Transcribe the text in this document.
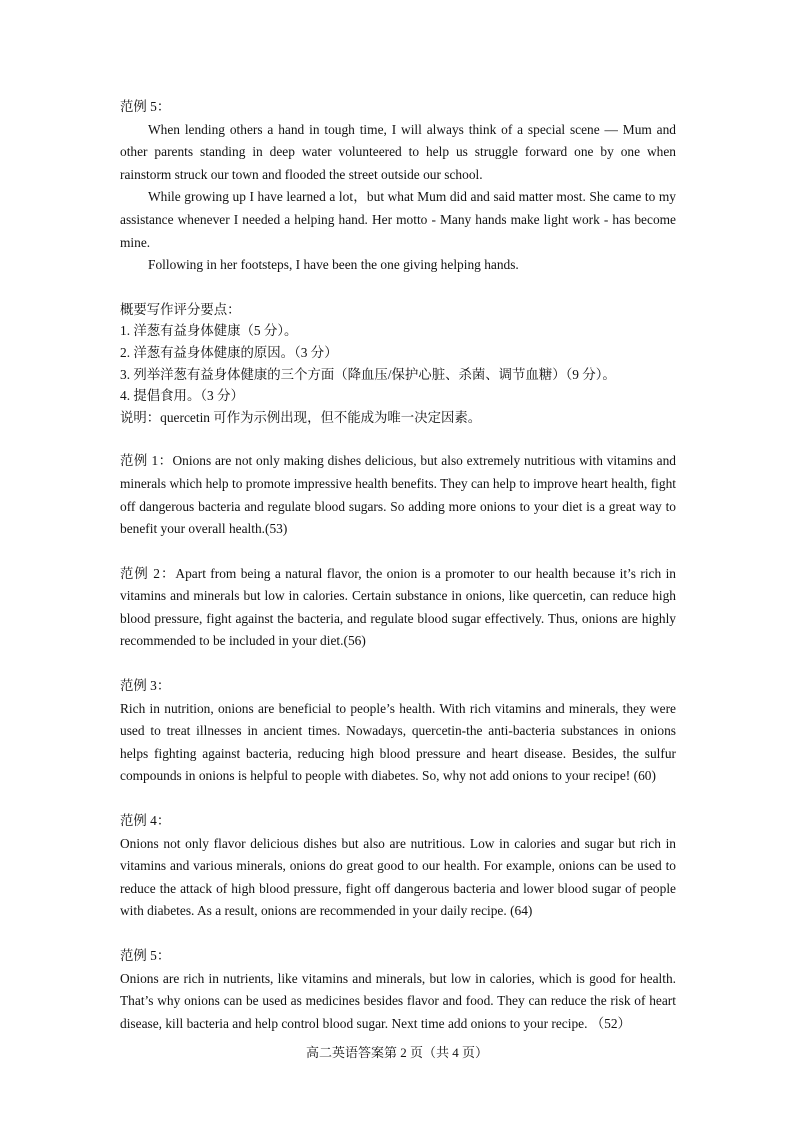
范例 5：

When lending others a hand in tough time, I will always think of a special scene — Mum and other parents standing in deep water volunteered to help us struggle forward one by one when rainstorm struck our town and flooded the street outside our school.

While growing up I have learned a lot，but what Mum did and said matter most. She came to my assistance whenever I needed a helping hand. Her motto - Many hands make light work - has become mine.

Following in her footsteps, I have been the one giving helping hands.

概要写作评分要点：

1. 洋葱有益身体健康（5 分）。

2. 洋葱有益身体健康的原因。（3 分）

3. 列举洋葱有益身体健康的三个方面（降血压/保护心脏、杀菌、调节血糖）（9 分）。

4. 提倡食用。（3 分）

说明：quercetin 可作为示例出现，但不能成为唯一决定因素。

范例 1：Onions are not only making dishes delicious, but also extremely nutritious with vitamins and minerals which help to promote impressive health benefits. They can help to improve heart health, fight off dangerous bacteria and regulate blood sugars. So adding more onions to your diet is a great way to benefit your overall health.(53)

范例 2：Apart from being a natural flavor, the onion is a promoter to our health because it’s rich in vitamins and minerals but low in calories. Certain substance in onions, like quercetin, can reduce high blood pressure, fight against the bacteria, and regulate blood sugar effectively. Thus, onions are highly recommended to be included in your diet.(56)

范例 3：

Rich in nutrition, onions are beneficial to people’s health. With rich vitamins and minerals, they were used to treat illnesses in ancient times. Nowadays, quercetin-the anti-bacteria substances in onions helps fighting against bacteria, reducing high blood pressure and heart disease. Besides, the sulfur compounds in onions is helpful to people with diabetes. So, why not add onions to your recipe! (60)

范例 4：

Onions not only flavor delicious dishes but also are nutritious. Low in calories and sugar but rich in vitamins and various minerals, onions do great good to our health. For example, onions can be used to reduce the attack of high blood pressure, fight off dangerous bacteria and lower blood sugar of people with diabetes. As a result, onions are recommended in your daily recipe. (64)

范例 5：

Onions are rich in nutrients, like vitamins and minerals, but low in calories, which is good for health. That’s why onions can be used as medicines besides flavor and food. They can reduce the risk of heart disease, kill bacteria and help control blood sugar. Next time add onions to your recipe. （52）

高二英语答案第 2 页（共 4 页）
